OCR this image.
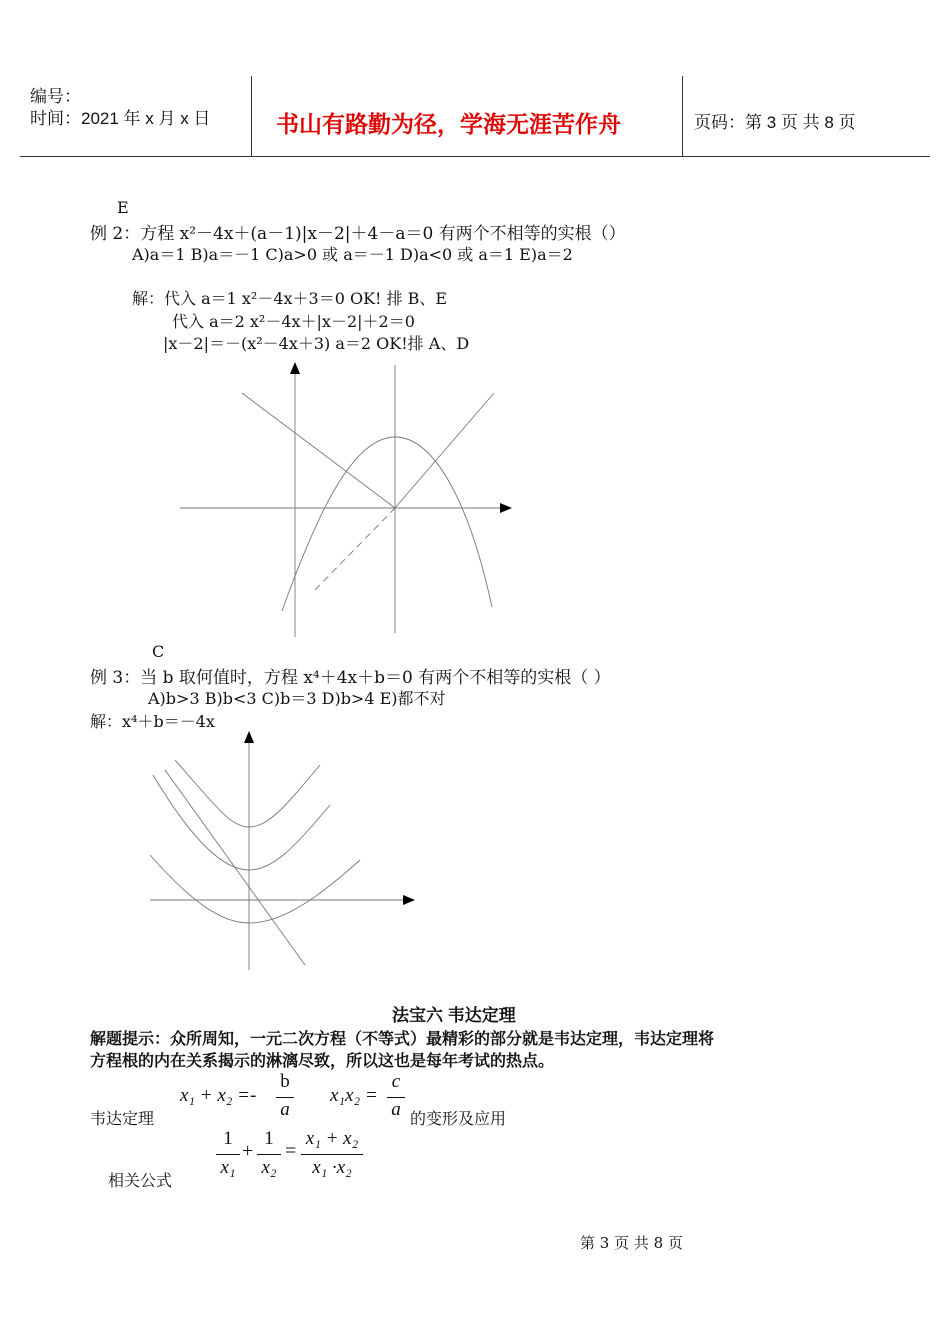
编号：
时间：2021 年 x 月 x 日	书山有路勤为径，学海无涯苦作舟	页码：第 3 页 共 8 页
E
例 2：方程 x²－4x＋(a－1)|x－2|＋4－a＝0 有两个不相等的实根（）
A)a＝1 B)a＝－1 C)a>0 或 a＝－1 D)a<0 或 a＝1 E)a＝2
解：代入 a＝1 x²－4x＋3＝0 OK! 排 B、E
代入 a＝2 x²－4x＋|x－2|＋2＝0
|x－2|＝－(x²－4x＋3) a＝2 OK!排 A、D
C
例 3：当 b 取何值时，方程 x⁴＋4x＋b＝0 有两个不相等的实根（ ）
A)b>3 B)b<3 C)b＝3 D)b>4 E)都不对
解：x⁴＋b＝－4x
法宝六 韦达定理
解题提示：众所周知，一元二次方程（不等式）最精彩的部分就是韦达定理，韦达定理将
方程根的内在关系揭示的淋漓尽致，所以这也是每年考试的热点。
x₁ + x₂ =-
b
a
x₁x₂ =
c
a
韦达定理	的变形及应用
1
x₁
+
1
x₂
=
x₁ + x₂
x₁ ·x₂
相关公式
第 3 页 共 8 页
